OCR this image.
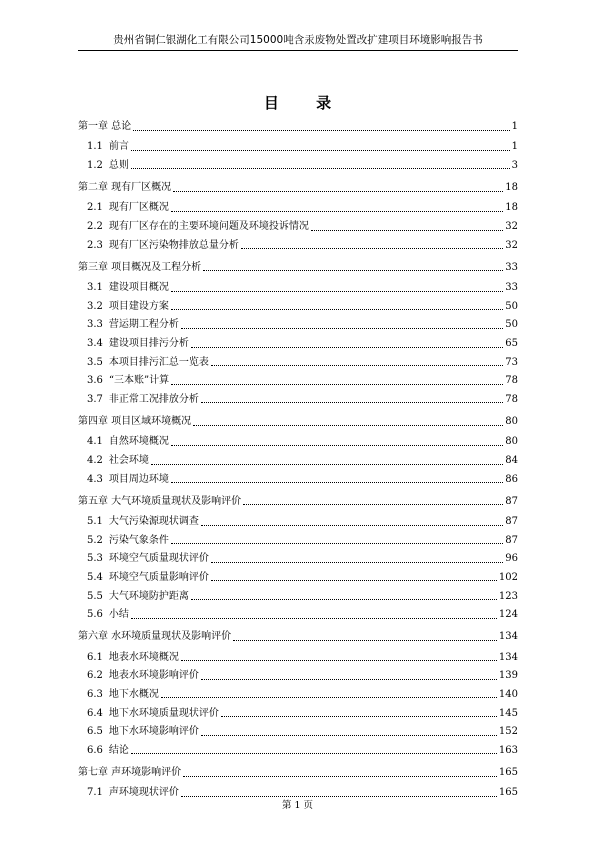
贵州省铜仁银湖化工有限公司15000吨含汞废物处置改扩建项目环境影响报告书
目 录
第一章 总论	1
1.1 前言	1
1.2 总则	3
第二章 现有厂区概况	18
2.1 现有厂区概况	18
2.2 现有厂区存在的主要环境问题及环境投诉情况	32
2.3 现有厂区污染物排放总量分析	32
第三章 项目概况及工程分析	33
3.1 建设项目概况	33
3.2 项目建设方案	50
3.3 营运期工程分析	50
3.4 建设项目排污分析	65
3.5 本项目排污汇总一览表	73
3.6 “三本账”计算	78
3.7 非正常工况排放分析	78
第四章 项目区域环境概况	80
4.1 自然环境概况	80
4.2 社会环境	84
4.3 项目周边环境	86
第五章 大气环境质量现状及影响评价	87
5.1 大气污染源现状调查	87
5.2 污染气象条件	87
5.3 环境空气质量现状评价	96
5.4 环境空气质量影响评价	102
5.5 大气环境防护距离	123
5.6 小结	124
第六章 水环境质量现状及影响评价	134
6.1 地表水环境概况	134
6.2 地表水环境影响评价	139
6.3 地下水概况	140
6.4 地下水环境质量现状评价	145
6.5 地下水环境影响评价	152
6.6 结论	163
第七章 声环境影响评价	165
7.1 声环境现状评价	165
第 1 页
